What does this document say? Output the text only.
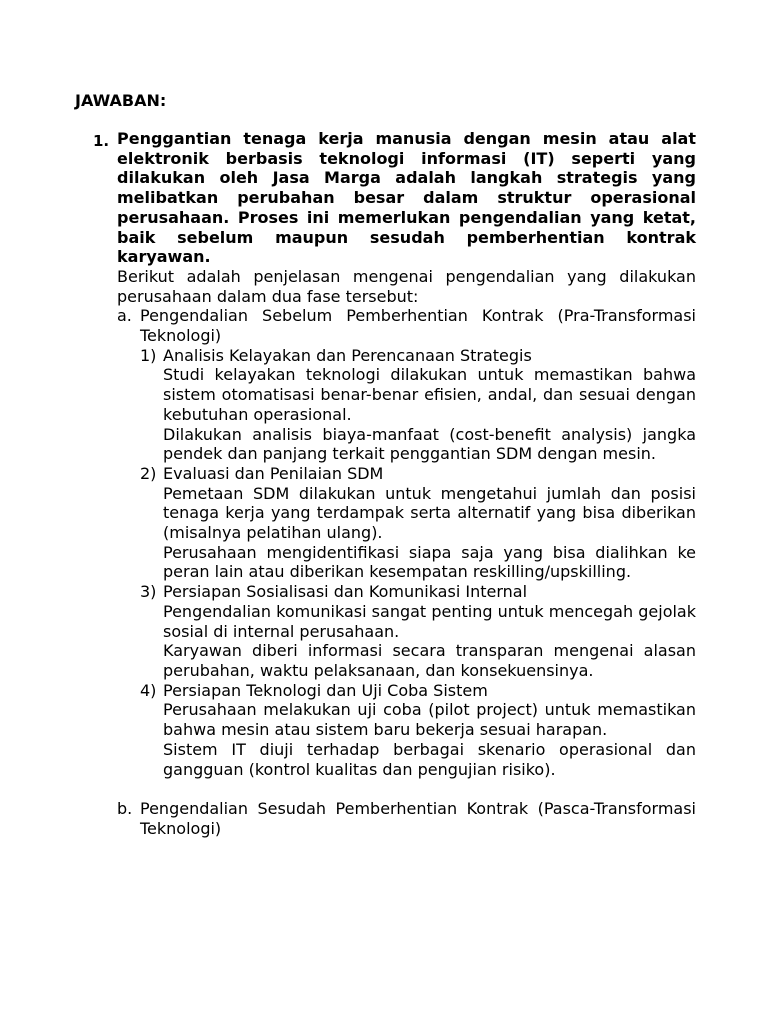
JAWABAN:

1. Penggantian tenaga kerja manusia dengan mesin atau alat elektronik berbasis teknologi informasi (IT) seperti yang dilakukan oleh Jasa Marga adalah langkah strategis yang melibatkan perubahan besar dalam struktur operasional perusahaan. Proses ini memerlukan pengendalian yang ketat, baik sebelum maupun sesudah pemberhentian kontrak karyawan.

Berikut adalah penjelasan mengenai pengendalian yang dilakukan perusahaan dalam dua fase tersebut:

a. Pengendalian Sebelum Pemberhentian Kontrak (Pra-Transformasi Teknologi)

1) Analisis Kelayakan dan Perencanaan Strategis

Studi kelayakan teknologi dilakukan untuk memastikan bahwa sistem otomatisasi benar-benar efisien, andal, dan sesuai dengan kebutuhan operasional.

Dilakukan analisis biaya-manfaat (cost-benefit analysis) jangka pendek dan panjang terkait penggantian SDM dengan mesin.

2) Evaluasi dan Penilaian SDM

Pemetaan SDM dilakukan untuk mengetahui jumlah dan posisi tenaga kerja yang terdampak serta alternatif yang bisa diberikan (misalnya pelatihan ulang).

Perusahaan mengidentifikasi siapa saja yang bisa dialihkan ke peran lain atau diberikan kesempatan reskilling/upskilling.

3) Persiapan Sosialisasi dan Komunikasi Internal

Pengendalian komunikasi sangat penting untuk mencegah gejolak sosial di internal perusahaan.

Karyawan diberi informasi secara transparan mengenai alasan perubahan, waktu pelaksanaan, dan konsekuensinya.

4) Persiapan Teknologi dan Uji Coba Sistem

Perusahaan melakukan uji coba (pilot project) untuk memastikan bahwa mesin atau sistem baru bekerja sesuai harapan.

Sistem IT diuji terhadap berbagai skenario operasional dan gangguan (kontrol kualitas dan pengujian risiko).

b. Pengendalian Sesudah Pemberhentian Kontrak (Pasca-Transformasi Teknologi)
